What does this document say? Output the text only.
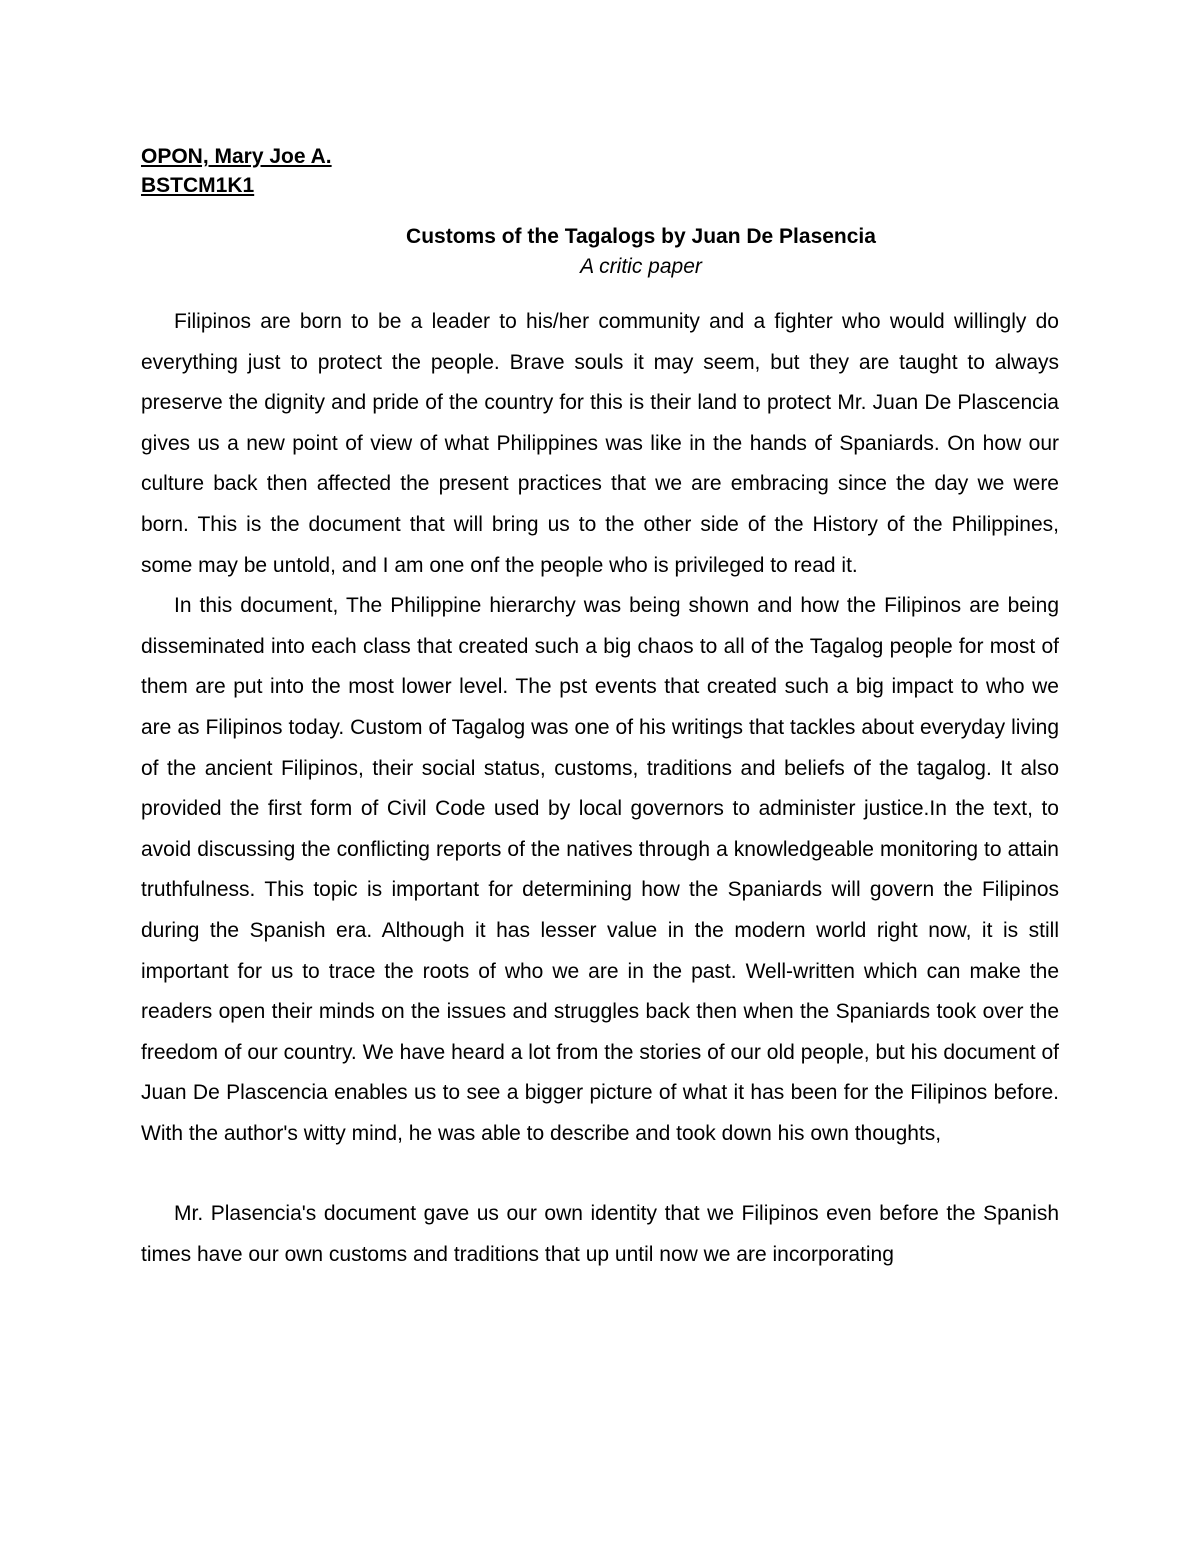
OPON, Mary Joe A.
BSTCM1K1
Customs of the Tagalogs by Juan De Plasencia
A critic paper

Filipinos are born to be a leader to his/her community and a fighter who would willingly do everything just to protect the people. Brave souls it may seem, but they are taught to always preserve the dignity and pride of the country for this is their land to protect Mr. Juan De Plascencia gives us a new point of view of what Philippines was like in the hands of Spaniards. On how our culture back then affected the present practices that we are embracing since the day we were born. This is the document that will bring us to the other side of the History of the Philippines, some may be untold, and I am one onf the people who is privileged to read it.

In this document, The Philippine hierarchy was being shown and how the Filipinos are being disseminated into each class that created such a big chaos to all of the Tagalog people for most of them are put into the most lower level. The pst events that created such a big impact to who we are as Filipinos today. Custom of Tagalog was one of his writings that tackles about everyday living of the ancient Filipinos, their social status, customs, traditions and beliefs of the tagalog. It also provided the first form of Civil Code used by local governors to administer justice.In the text, to avoid discussing the conflicting reports of the natives through a knowledgeable monitoring to attain truthfulness. This topic is important for determining how the Spaniards will govern the Filipinos during the Spanish era. Although it has lesser value in the modern world right now, it is still important for us to trace the roots of who we are in the past. Well-written which can make the readers open their minds on the issues and struggles back then when the Spaniards took over the freedom of our country. We have heard a lot from the stories of our old people, but his document of Juan De Plascencia enables us to see a bigger picture of what it has been for the Filipinos before. With the author's witty mind, he was able to describe and took down his own thoughts,

Mr. Plasencia's document gave us our own identity that we Filipinos even before the Spanish times have our own customs and traditions that up until now we are incorporating
